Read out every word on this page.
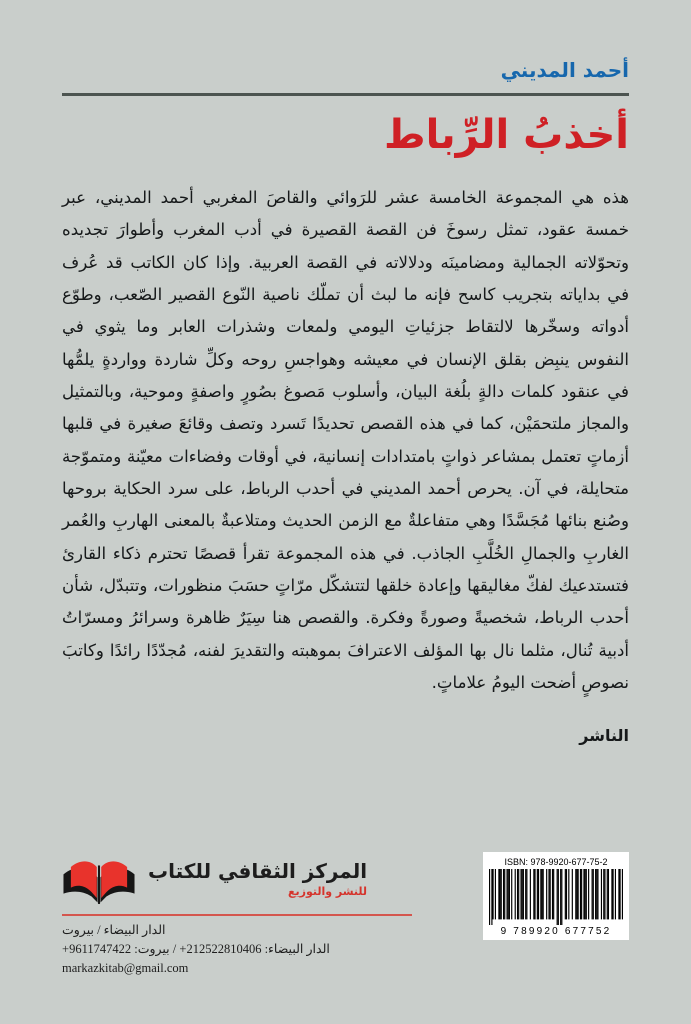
أحمد المديني
أخذبُ الرِّباط
هذه هي المجموعة الخامسة عشر للرَوائي والقاصَ المغربي أحمد المديني، عبر خمسة عقود، تمثل رسوخَ فن القصة القصيرة في أدب المغرب وأطوارَ تجديده وتحوّلاته الجمالية ومضامينَه ودلالاته في القصة العربية. وإذا كان الكاتب قد عُرف في بداياته بتجريب كاسح فإنه ما لبث أن تملّك ناصية النّوع القصير الصّعب، وطوّع أدواته وسخّرها لالتقاط جزئياتِ اليومي ولمعات وشذرات العابر وما يثوي في النفوس ينبِض بقلق الإنسان في معيشه وهواجسِ روحه وكلِّ شاردة وواردةٍ يلمُّها في عنقود كلمات دالةٍ بلُغة البيان، وأسلوب مَصوغ بصُورٍ واصفةٍ وموحية، وبالتمثيل والمجاز ملتحمَيْن، كما في هذه القصص تحديدًا تَسرد وتصف وقائعَ صغيرة في قلبها أزماتٍ تعتمل بمشاعر ذواتٍ بامتدادات إنسانية، في أوقات وفضاءات معيّنة ومتموّجة متحايلة، في آن. يحرص أحمد المديني في أحدب الرباط، على سرد الحكاية بروحها وصُنع بنائها مُجَسَّدًا وهي متفاعلةٌ مع الزمن الحديث ومتلاعبةٌ بالمعنى الهاربِ والعُمر الغاربِ والجمالِ الخُلَّبِ الجاذب. في هذه المجموعة تقرأ قصصًا تحترم ذكاء القارئ فتستدعيك لفكّ مغاليقها وإعادة خلقها لتتشكّل مرّاتٍ حسَبَ منظورات، وتتبدّل، شأن أحدب الرباط، شخصيةً وصورةً وفكرة. والقصص هنا سِيَرٌ ظاهرة وسرائرُ ومسرّاتُ أدبية تُنال، مثلما نال بها المؤلف الاعترافَ بموهبته والتقديرَ لفنه، مُجدّدًا رائدًا وكاتبَ نصوصٍ أضحت اليومُ علاماتٍ.
الناشر
المركز الثقافي للكتاب
للنشر والتوزيع
الدار البيضاء / بيروت
الدار البيضاء: 212522810406+ / بيروت: 9611747422+
markazkitab@gmail.com
ISBN: 978-9920-677-75-2
9 789920 677752
